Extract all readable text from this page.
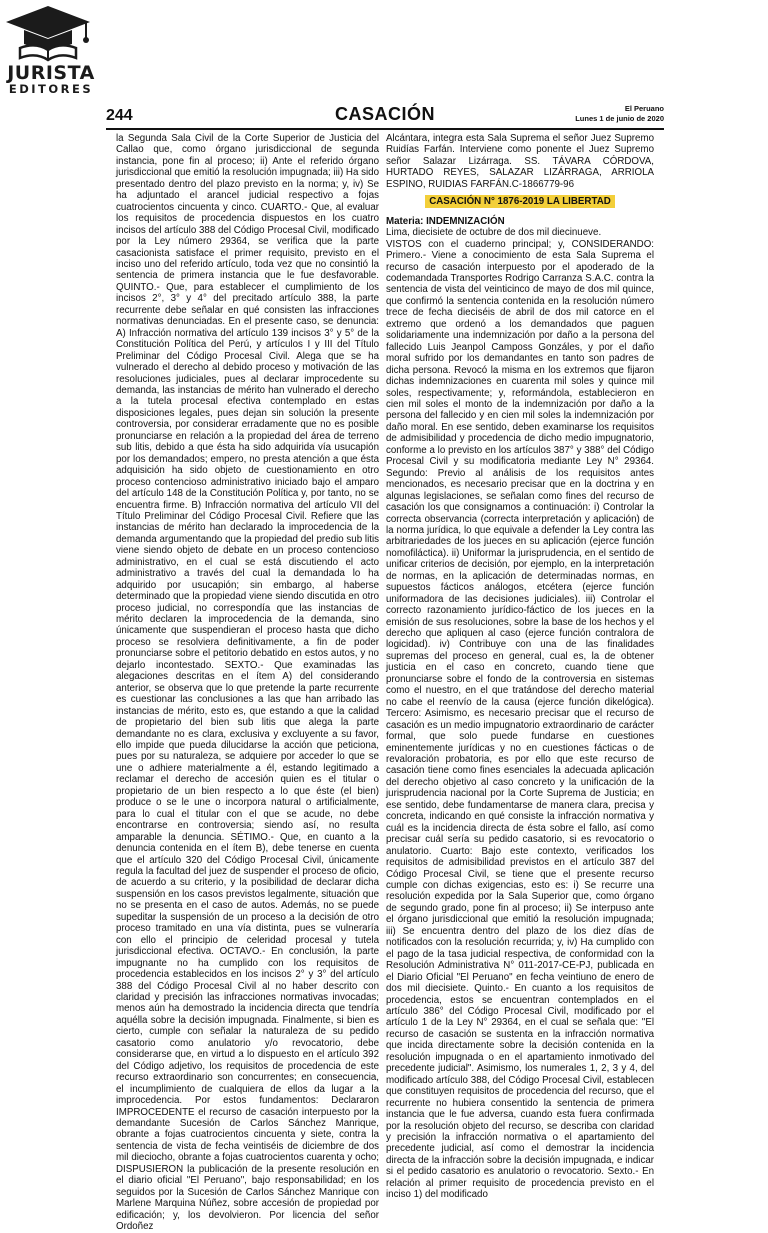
JURISTA
EDITORES
244	CASACIÓN	El Peruano
Lunes 1 de junio de 2020

la Segunda Sala Civil de la Corte Superior de Justicia del Callao que, como órgano jurisdiccional de segunda instancia, pone fin al proceso; ii) Ante el referido órgano jurisdiccional que emitió la resolución impugnada; iii) Ha sido presentado dentro del plazo previsto en la norma; y, iv) Se ha adjuntado el arancel judicial respectivo a fojas cuatrocientos cincuenta y cinco. CUARTO.- Que, al evaluar los requisitos de procedencia dispuestos en los cuatro incisos del artículo 388 del Código Procesal Civil, modificado por la Ley número 29364, se verifica que la parte casacionista satisface el primer requisito, previsto en el inciso uno del referido artículo, toda vez que no consintió la sentencia de primera instancia que le fue desfavorable. QUINTO.- Que, para establecer el cumplimiento de los incisos 2°, 3° y 4° del precitado artículo 388, la parte recurrente debe señalar en qué consisten las infracciones normativas denunciadas. En el presente caso, se denuncia: A) Infracción normativa del artículo 139 incisos 3° y 5° de la Constitución Política del Perú, y artículos I y III del Título Preliminar del Código Procesal Civil. Alega que se ha vulnerado el derecho al debido proceso y motivación de las resoluciones judiciales, pues al declarar improcedente su demanda, las instancias de mérito han vulnerado el derecho a la tutela procesal efectiva contemplado en estas disposiciones legales, pues dejan sin solución la presente controversia, por considerar erradamente que no es posible pronunciarse en relación a la propiedad del área de terreno sub litis, debido a que ésta ha sido adquirida vía usucapión por los demandados; empero, no presta atención a que ésta adquisición ha sido objeto de cuestionamiento en otro proceso contencioso administrativo iniciado bajo el amparo del artículo 148 de la Constitución Política y, por tanto, no se encuentra firme. B) Infracción normativa del artículo VII del Título Preliminar del Código Procesal Civil. Refiere que las instancias de mérito han declarado la improcedencia de la demanda argumentando que la propiedad del predio sub litis viene siendo objeto de debate en un proceso contencioso administrativo, en el cual se está discutiendo el acto administrativo a través del cual la demandada lo ha adquirido por usucapión; sin embargo, al haberse determinado que la propiedad viene siendo discutida en otro proceso judicial, no correspondía que las instancias de mérito declaren la improcedencia de la demanda, sino únicamente que suspendieran el proceso hasta que dicho proceso se resolviera definitivamente, a fin de poder pronunciarse sobre el petitorio debatido en estos autos, y no dejarlo incontestado. SEXTO.- Que examinadas las alegaciones descritas en el ítem A) del considerando anterior, se observa que lo que pretende la parte recurrente es cuestionar las conclusiones a las que han arribado las instancias de mérito, esto es, que estando a que la calidad de propietario del bien sub litis que alega la parte demandante no es clara, exclusiva y excluyente a su favor, ello impide que pueda dilucidarse la acción que peticiona, pues por su naturaleza, se adquiere por acceder lo que se une o adhiere materialmente a él, estando legitimado a reclamar el derecho de accesión quien es el titular o propietario de un bien respecto a lo que éste (el bien) produce o se le une o incorpora natural o artificialmente, para lo cual el titular con el que se acude, no debe encontrarse en controversia; siendo así, no resulta amparable la denuncia. SÉTIMO.- Que, en cuanto a la denuncia contenida en el ítem B), debe tenerse en cuenta que el artículo 320 del Código Procesal Civil, únicamente regula la facultad del juez de suspender el proceso de oficio, de acuerdo a su criterio, y la posibilidad de declarar dicha suspensión en los casos previstos legalmente, situación que no se presenta en el caso de autos. Además, no se puede supeditar la suspensión de un proceso a la decisión de otro proceso tramitado en una vía distinta, pues se vulneraría con ello el principio de celeridad procesal y tutela jurisdiccional efectiva. OCTAVO.- En conclusión, la parte impugnante no ha cumplido con los requisitos de procedencia establecidos en los incisos 2° y 3° del artículo 388 del Código Procesal Civil al no haber descrito con claridad y precisión las infracciones normativas invocadas; menos aún ha demostrado la incidencia directa que tendría aquélla sobre la decisión impugnada. Finalmente, si bien es cierto, cumple con señalar la naturaleza de su pedido casatorio como anulatorio y/o revocatorio, debe considerarse que, en virtud a lo dispuesto en el artículo 392 del Código adjetivo, los requisitos de procedencia de este recurso extraordinario son concurrentes; en consecuencia, el incumplimiento de cualquiera de ellos da lugar a la improcedencia. Por estos fundamentos: Declararon IMPROCEDENTE el recurso de casación interpuesto por la demandante Sucesión de Carlos Sánchez Manrique, obrante a fojas cuatrocientos cincuenta y siete, contra la sentencia de vista de fecha veintiséis de diciembre de dos mil dieciocho, obrante a fojas cuatrocientos cuarenta y ocho; DISPUSIERON la publicación de la presente resolución en el diario oficial "El Peruano", bajo responsabilidad; en los seguidos por la Sucesión de Carlos Sánchez Manrique con Marlene Marquina Núñez, sobre accesión de propiedad por edificación; y, los devolvieron. Por licencia del señor Ordoñez

Alcántara, integra esta Sala Suprema el señor Juez Supremo Ruidías Farfán. Interviene como ponente el Juez Supremo señor Salazar Lizárraga. SS. TÁVARA CÓRDOVA, HURTADO REYES, SALAZAR LIZÁRRAGA, ARRIOLA ESPINO, RUIDIAS FARFÁN.C-1866779-96

CASACIÓN N° 1876-2019 LA LIBERTAD

Materia: INDEMNIZACIÓN

Lima, diecisiete de octubre de dos mil diecinueve.

VISTOS con el cuaderno principal; y, CONSIDERANDO: Primero.- Viene a conocimiento de esta Sala Suprema el recurso de casación interpuesto por el apoderado de la codemandada Transportes Rodrigo Carranza S.A.C. contra la sentencia de vista del veinticinco de mayo de dos mil quince, que confirmó la sentencia contenida en la resolución número trece de fecha dieciséis de abril de dos mil catorce en el extremo que ordenó a los demandados que paguen solidariamente una indemnización por daño a la persona del fallecido Luis Jeanpol Camposs Gonzáles, y por el daño moral sufrido por los demandantes en tanto son padres de dicha persona. Revocó la misma en los extremos que fijaron dichas indemnizaciones en cuarenta mil soles y quince mil soles, respectivamente; y, reformándola, establecieron en cien mil soles el monto de la indemnización por daño a la persona del fallecido y en cien mil soles la indemnización por daño moral. En ese sentido, deben examinarse los requisitos de admisibilidad y procedencia de dicho medio impugnatorio, conforme a lo previsto en los artículos 387° y 388° del Código Procesal Civil y su modificatoria mediante Ley N° 29364. Segundo: Previo al análisis de los requisitos antes mencionados, es necesario precisar que en la doctrina y en algunas legislaciones, se señalan como fines del recurso de casación los que consignamos a continuación: i) Controlar la correcta observancia (correcta interpretación y aplicación) de la norma jurídica, lo que equivale a defender la Ley contra las arbitrariedades de los jueces en su aplicación (ejerce función nomofiláctica). ii) Uniformar la jurisprudencia, en el sentido de unificar criterios de decisión, por ejemplo, en la interpretación de normas, en la aplicación de determinadas normas, en supuestos fácticos análogos, etcétera (ejerce función uniformadora de las decisiones judiciales). iii) Controlar el correcto razonamiento jurídico-fáctico de los jueces en la emisión de sus resoluciones, sobre la base de los hechos y el derecho que apliquen al caso (ejerce función contralora de logicidad). iv) Contribuye con una de las finalidades supremas del proceso en general, cual es, la de obtener justicia en el caso en concreto, cuando tiene que pronunciarse sobre el fondo de la controversia en sistemas como el nuestro, en el que tratándose del derecho material no cabe el reenvío de la causa (ejerce función dikelógica). Tercero: Asimismo, es necesario precisar que el recurso de casación es un medio impugnatorio extraordinario de carácter formal, que solo puede fundarse en cuestiones eminentemente jurídicas y no en cuestiones fácticas o de revaloración probatoria, es por ello que este recurso de casación tiene como fines esenciales la adecuada aplicación del derecho objetivo al caso concreto y la unificación de la jurisprudencia nacional por la Corte Suprema de Justicia; en ese sentido, debe fundamentarse de manera clara, precisa y concreta, indicando en qué consiste la infracción normativa y cuál es la incidencia directa de ésta sobre el fallo, así como precisar cuál sería su pedido casatorio, si es revocatorio o anulatorio. Cuarto: Bajo este contexto, verificados los requisitos de admisibilidad previstos en el artículo 387 del Código Procesal Civil, se tiene que el presente recurso cumple con dichas exigencias, esto es: i) Se recurre una resolución expedida por la Sala Superior que, como órgano de segundo grado, pone fin al proceso; ii) Se interpuso ante el órgano jurisdiccional que emitió la resolución impugnada; iii) Se encuentra dentro del plazo de los diez días de notificados con la resolución recurrida; y, iv) Ha cumplido con el pago de la tasa judicial respectiva, de conformidad con la Resolución Administrativa N° 011-2017-CE-PJ, publicada en el Diario Oficial "El Peruano" en fecha veintiuno de enero de dos mil diecisiete. Quinto.- En cuanto a los requisitos de procedencia, estos se encuentran contemplados en el artículo 386° del Código Procesal Civil, modificado por el artículo 1 de la Ley N° 29364, en el cual se señala que: "El recurso de casación se sustenta en la infracción normativa que incida directamente sobre la decisión contenida en la resolución impugnada o en el apartamiento inmotivado del precedente judicial". Asimismo, los numerales 1, 2, 3 y 4, del modificado artículo 388, del Código Procesal Civil, establecen que constituyen requisitos de procedencia del recurso, que el recurrente no hubiera consentido la sentencia de primera instancia que le fue adversa, cuando esta fuera confirmada por la resolución objeto del recurso, se describa con claridad y precisión la infracción normativa o el apartamiento del precedente judicial, así como el demostrar la incidencia directa de la infracción sobre la decisión impugnada, e indicar si el pedido casatorio es anulatorio o revocatorio. Sexto.- En relación al primer requisito de procedencia previsto en el inciso 1) del modificado
